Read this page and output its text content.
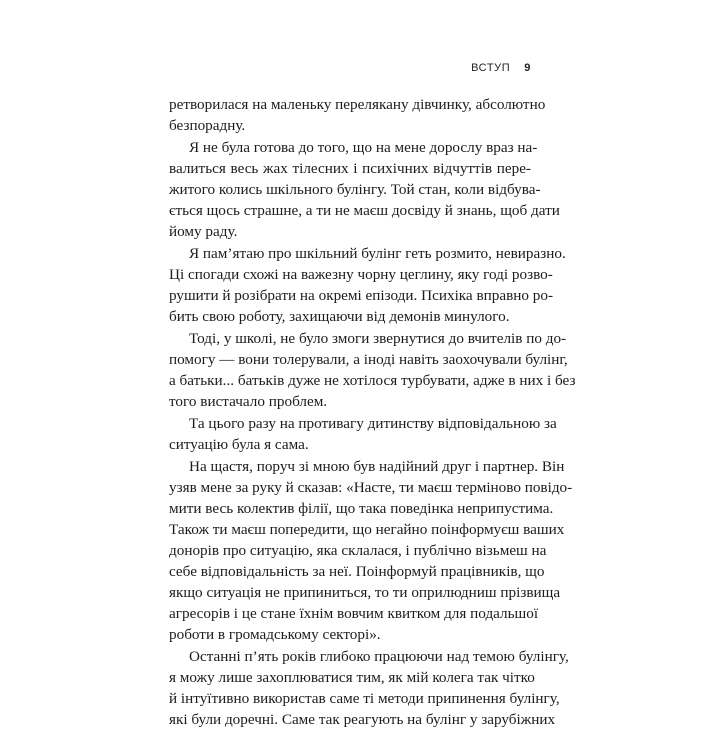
ВСТУП 9
ретворилася на маленьку перелякану дівчинку, абсолютно
безпорадну.
Я не була готова до того, що на мене дорослу враз на-
валиться весь жах тілесних і психічних відчуттів пере-
житого колись шкільного булінгу. Той стан, коли відбува-
ється щось страшне, а ти не маєш досвіду й знань, щоб дати
йому раду.
Я пам’ятаю про шкільний булінг геть розмито, невиразно.
Ці спогади схожі на важезну чорну цеглину, яку годі розво-
рушити й розібрати на окремі епізоди. Психіка вправно ро-
бить свою роботу, захищаючи від демонів минулого.
Тоді, у школі, не було змоги звернутися до вчителів по до-
помогу — вони толерували, а іноді навіть заохочували булінг,
а батьки... батьків дуже не хотілося турбувати, адже в них і без
того вистачало проблем.
Та цього разу на противагу дитинству відповідальною за
ситуацію була я сама.
На щастя, поруч зі мною був надійний друг і партнер. Він
узяв мене за руку й сказав: «Насте, ти маєш терміново повідо-
мити весь колектив філії, що така поведінка неприпустима.
Також ти маєш попередити, що негайно поінформуєш ваших
донорів про ситуацію, яка склалася, і публічно візьмеш на
себе відповідальність за неї. Поінформуй працівників, що
якщо ситуація не припиниться, то ти оприлюдниш прізвища
агресорів і це стане їхнім вовчим квитком для подальшої
роботи в громадському секторі».
Останні п’ять років глибоко працюючи над темою булінгу,
я можу лише захоплюватися тим, як мій колега так чітко
й інтуїтивно використав саме ті методи припинення булінгу,
які були доречні. Саме так реагують на булінг у зарубіжних
